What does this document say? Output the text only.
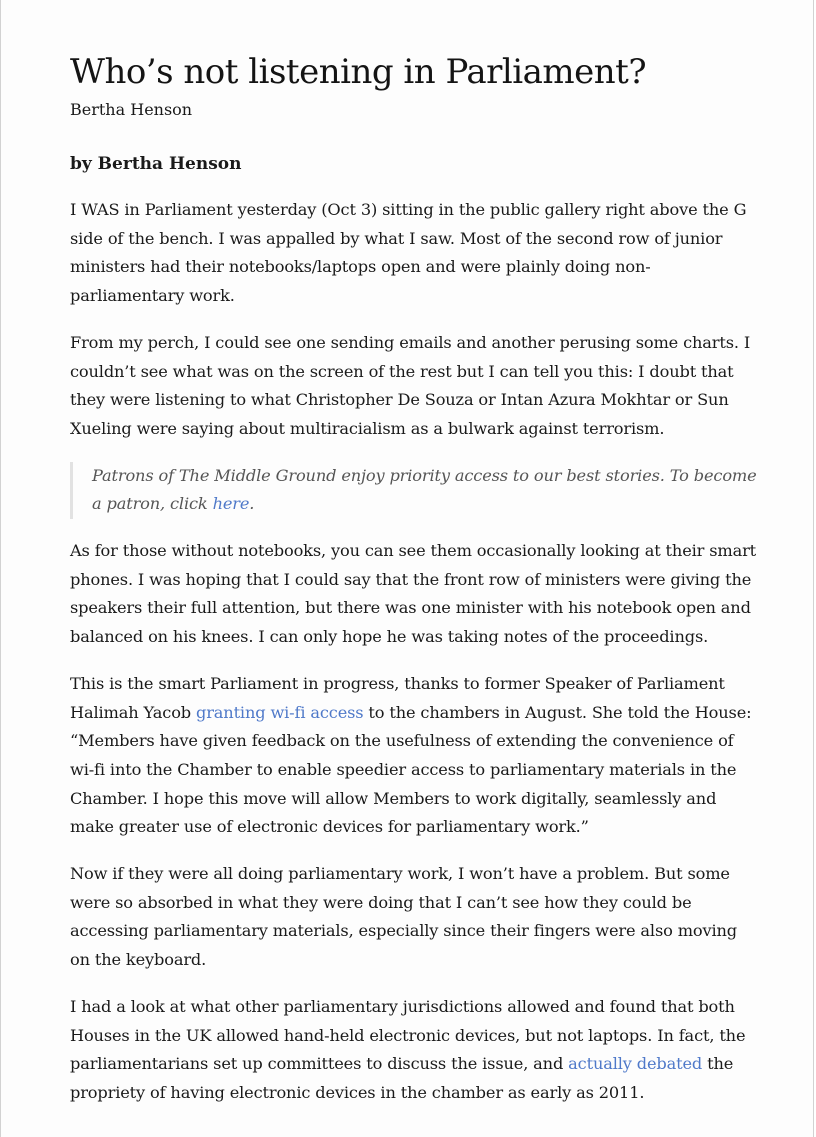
Who’s not listening in Parliament?
Bertha Henson
by Bertha Henson

I WAS in Parliament yesterday (Oct 3) sitting in the public gallery right above the G side of the bench. I was appalled by what I saw. Most of the second row of junior ministers had their notebooks/laptops open and were plainly doing non-parliamentary work.

From my perch, I could see one sending emails and another perusing some charts. I couldn’t see what was on the screen of the rest but I can tell you this: I doubt that they were listening to what Christopher De Souza or Intan Azura Mokhtar or Sun Xueling were saying about multiracialism as a bulwark against terrorism.

Patrons of The Middle Ground enjoy priority access to our best stories. To become a patron, click here.

As for those without notebooks, you can see them occasionally looking at their smart phones. I was hoping that I could say that the front row of ministers were giving the speakers their full attention, but there was one minister with his notebook open and balanced on his knees. I can only hope he was taking notes of the proceedings.

This is the smart Parliament in progress, thanks to former Speaker of Parliament Halimah Yacob granting wi-fi access to the chambers in August. She told the House: “Members have given feedback on the usefulness of extending the convenience of wi-fi into the Chamber to enable speedier access to parliamentary materials in the Chamber. I hope this move will allow Members to work digitally, seamlessly and make greater use of electronic devices for parliamentary work.”

Now if they were all doing parliamentary work, I won’t have a problem. But some were so absorbed in what they were doing that I can’t see how they could be accessing parliamentary materials, especially since their fingers were also moving on the keyboard.

I had a look at what other parliamentary jurisdictions allowed and found that both Houses in the UK allowed hand-held electronic devices, but not laptops. In fact, the parliamentarians set up committees to discuss the issue, and actually debated the propriety of having electronic devices in the chamber as early as 2011.
